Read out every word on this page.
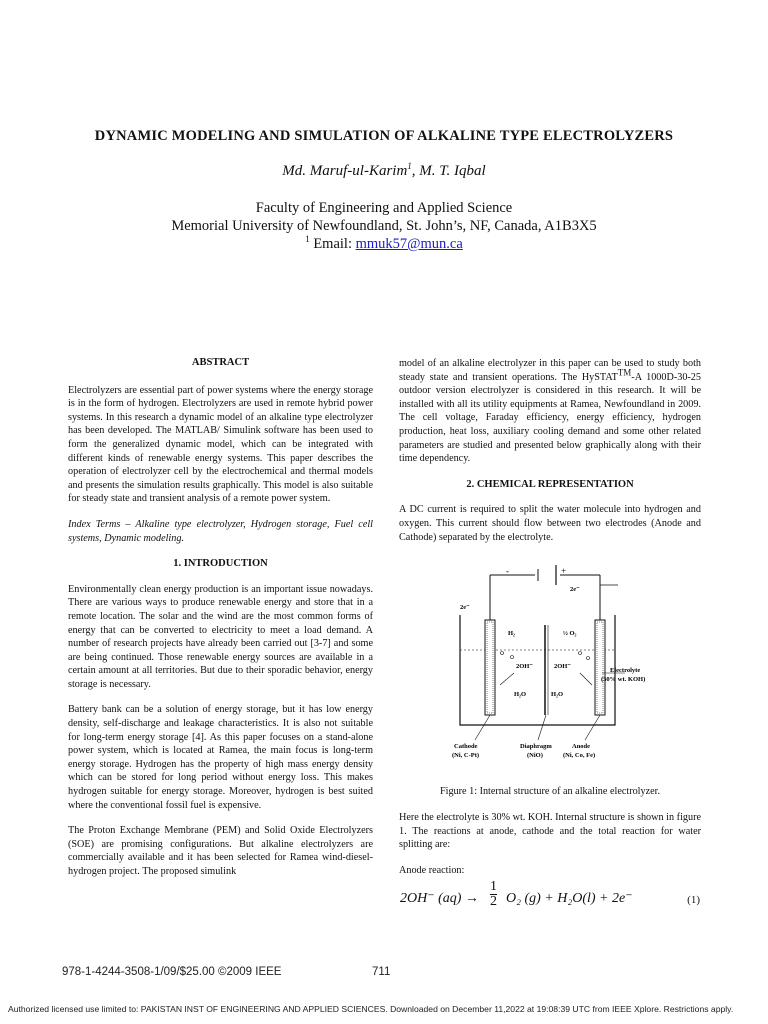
DYNAMIC MODELING AND SIMULATION OF ALKALINE TYPE ELECTROLYZERS
Md. Maruf-ul-Karim$^1$, M. T. Iqbal
Faculty of Engineering and Applied Science
Memorial University of Newfoundland, St. John’s, NF, Canada, A1B3X5
$^1$ Email: mmuk57@mun.ca

ABSTRACT

Electrolyzers are essential part of power systems where the energy storage is in the form of hydrogen. Electrolyzers are used in remote hybrid power systems. In this research a dynamic model of an alkaline type electrolyzer has been developed. The MATLAB/ Simulink software has been used to form the generalized dynamic model, which can be integrated with different kinds of renewable energy systems. This paper describes the operation of electrolyzer cell by the electrochemical and thermal models and presents the simulation results graphically. This model is also suitable for steady state and transient analysis of a remote power system.

Index Terms – Alkaline type electrolyzer, Hydrogen storage, Fuel cell systems, Dynamic modeling.

1. INTRODUCTION

Environmentally clean energy production is an important issue nowadays. There are various ways to produce renewable energy and store that in a remote location. The solar and the wind are the most common forms of energy that can be converted to electricity to meet a load demand. A number of research projects have already been carried out [3-7] and some are being continued. Those renewable energy sources are available in a certain amount at all territories. But due to their sporadic behavior, energy storage is necessary.

Battery bank can be a solution of energy storage, but it has low energy density, self-discharge and leakage characteristics. It is also not suitable for long-term energy storage [4]. As this paper focuses on a stand-alone power system, which is located at Ramea, the main focus is long-term energy storage. Hydrogen has the property of high mass energy density which can be stored for long period without energy loss. This makes hydrogen suitable for energy storage. Moreover, hydrogen is best suited where the conventional fossil fuel is expensive.

The Proton Exchange Membrane (PEM) and Solid Oxide Electrolyzers (SOE) are promising configurations. But alkaline electrolyzers are commercially available and it has been selected for Ramea wind-diesel-hydrogen project. The proposed simulink

model of an alkaline electrolyzer in this paper can be used to study both steady state and transient operations. The HySTAT™-A 1000D-30-25 outdoor version electrolyzer is considered in this research. It will be installed with all its utility equipments at Ramea, Newfoundland in 2009. The cell voltage, Faraday efficiency, energy efficiency, hydrogen production, heat loss, auxiliary cooling demand and some other related parameters are studied and presented below graphically along with their time dependency.

2. CHEMICAL REPRESENTATION

A DC current is required to split the water molecule into hydrogen and oxygen. This current should flow between two electrodes (Anode and Cathode) separated by the electrolyte.

-	+
2e⁻
2e⁻
H₂	½ O₂
2OH⁻	2OH⁻
H₂O	H₂O
Electrolyte
(30% wt. KOH)
Cathode
(Ni, C-Pt)
Diaphragm
(NiO)
Anode
(Ni, Co, Fe)
Figure 1: Internal structure of an alkaline electrolyzer.

Here the electrolyte is 30% wt. KOH. Internal structure is shown in figure 1. The reactions at anode, cathode and the total reaction for water splitting are:

Anode reaction:

2OH⁻ $(aq) \to \frac{1}{2} O_2$ (g) + H₂O(l) + 2e⁻	(1)
978-1-4244-3508-1/09/$25.00 ©2009 IEEE	711
Authorized licensed use limited to: PAKISTAN INST OF ENGINEERING AND APPLIED SCIENCES. Downloaded on December 11,2022 at 19:08:39 UTC from IEEE Xplore. Restrictions apply.
